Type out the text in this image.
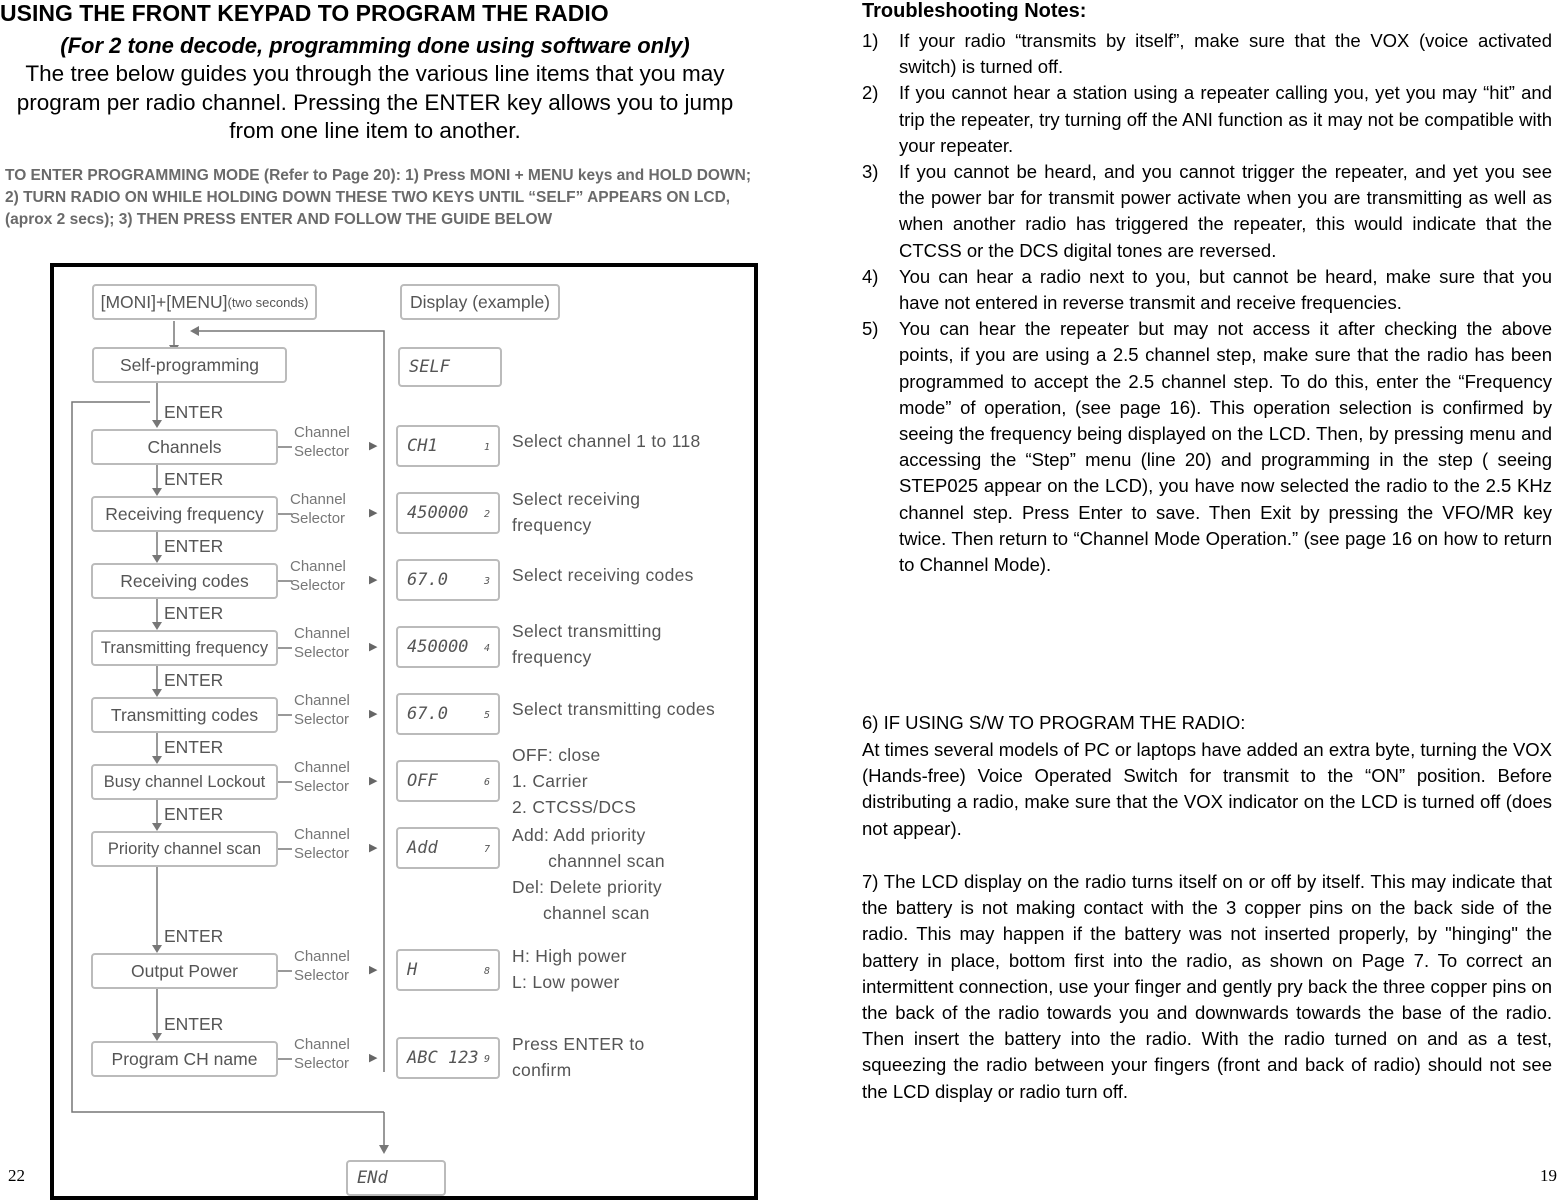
USING THE FRONT KEYPAD TO PROGRAM THE RADIO
(For 2 tone decode, programming done using software only)
The tree below guides you through the various line items that you may program per radio channel. Pressing the ENTER key allows you to jump from one line item to another.
TO ENTER PROGRAMMING MODE (Refer to Page 20): 1) Press MONI + MENU keys and HOLD DOWN; 2) TURN RADIO ON WHILE HOLDING DOWN THESE TWO KEYS UNTIL “SELF” APPEARS ON LCD, (aprox 2 secs); 3) THEN PRESS ENTER AND FOLLOW THE GUIDE BELOW
22
[MONI]+[MENU] (two seconds)	Display (example)
Self-programming	SELF
Channels
Channel
Selector	▶ CH1	1 Select channel 1 to 118
ENTER
Receiving frequency
Channel
Selector	▶ 450000 2
Select receiving
frequency
ENTER
Receiving codes
Channel
Selector	▶ 67.0	3 Select receiving codes
ENTER
Transmitting frequency
Channel
Selector	▶ 450000 4
Select transmitting
frequency
ENTER
Transmitting codes
Channel
Selector	▶ 67.0	5 Select transmitting codes
ENTER
Busy channel Lockout
Channel
Selector	▶ OFF	6
OFF: close
1. Carrier
2. CTCSS/DCS
ENTER
Priority channel scan
Channel
Selector	▶ Add	7
Add: Add priority
channnel scan
Del: Delete priority
channel scan
ENTER
Output Power
Channel
Selector	▶ H	8
H: High power
L: Low power
ENTER
Program CH name
Channel
Selector	▶ ABC 123 9
Press ENTER to
confirm
ENTER
ENd
Troubleshooting Notes:
1) If your radio “transmits by itself”, make sure that the VOX (voice activated switch) is turned off.
2) If you cannot hear a station using a repeater calling you, yet you may “hit” and trip the repeater, try turning off the ANI function as it may not be compatible with your repeater.
3) If you cannot be heard, and you cannot trigger the repeater, and yet you see the power bar for transmit power activate when you are transmitting as well as when another radio has triggered the repeater, this would indicate that the CTCSS or the DCS digital tones are reversed.
4) You can hear a radio next to you, but cannot be heard, make sure that you have not entered in reverse transmit and receive frequencies.
5) You can hear the repeater but may not access it after checking the above points, if you are using a 2.5 channel step, make sure that the radio has been programmed to accept the 2.5 channel step. To do this, enter the “Frequency mode” of operation, (see page 16). This operation selection is confirmed by seeing the frequency being displayed on the LCD. Then, by pressing menu and accessing the “Step” menu (line 20) and programming in the step ( seeing STEP025 appear on the LCD), you have now selected the radio to the 2.5 KHz channel step. Press Enter to save. Then Exit by pressing the VFO/MR key twice. Then return to “Channel Mode Operation.” (see page 16 on how to return to Channel Mode).
6) IF USING S/W TO PROGRAM THE RADIO:
At times several models of PC or laptops have added an extra byte, turning the VOX (Hands-free) Voice Operated Switch for transmit to the “ON” position. Before distributing a radio, make sure that the VOX indicator on the LCD is turned off (does not appear).
7) The LCD display on the radio turns itself on or off by itself. This may indicate that the battery is not making contact with the 3 copper pins on the back side of the radio. This may happen if the battery was not inserted properly, by "hinging" the battery in place, bottom first into the radio, as shown on Page 7. To correct an intermittent connection, use your finger and gently pry back the three copper pins on the back of the radio towards you and downwards towards the base of the radio. Then insert the battery into the radio. With the radio turned on and as a test, squeezing the radio between your fingers (front and back of radio) should not see the LCD display or radio turn off.
19
